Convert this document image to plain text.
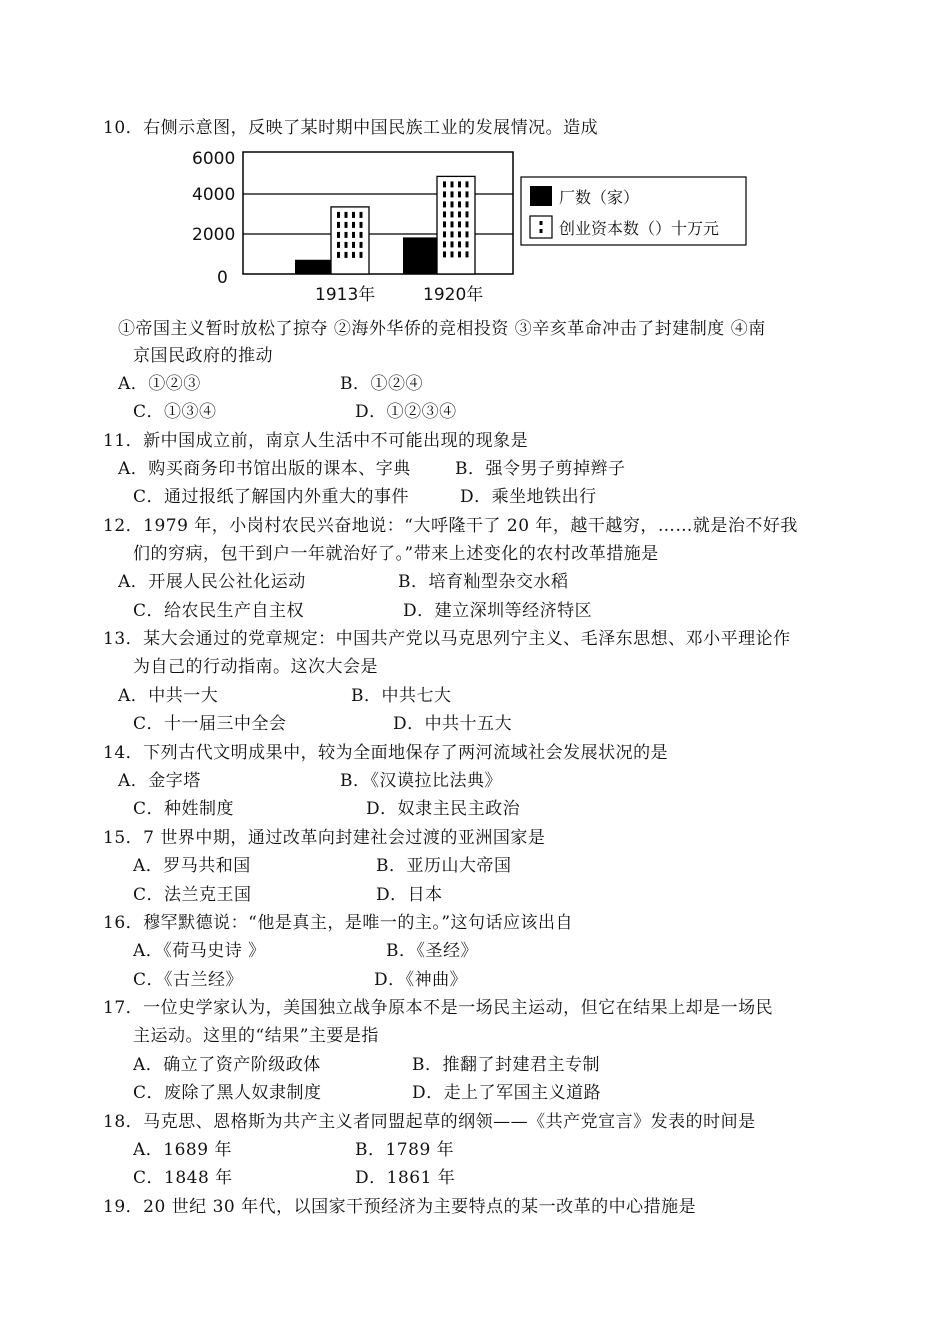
10．右侧示意图，反映了某时期中国民族工业的发展情况。造成
6000
4000
2000
0
1913年	1920年
厂数（家）
创业资本数（）十万元
①帝国主义暂时放松了掠夺 ②海外华侨的竞相投资 ③辛亥革命冲击了封建制度 ④南
京国民政府的推动
A．①②③	B．①②④
C．①③④	D．①②③④
11．新中国成立前，南京人生活中不可能出现的现象是
A．购买商务印书馆出版的课本、字典	B．强令男子剪掉辫子
C．通过报纸了解国内外重大的事件	D．乘坐地铁出行
12．1979 年，小岗村农民兴奋地说：“大呼隆干了 20 年，越干越穷，……就是治不好我
们的穷病，包干到户一年就治好了。”带来上述变化的农村改革措施是
A．开展人民公社化运动	B．培育籼型杂交水稻
C．给农民生产自主权	D．建立深圳等经济特区
13．某大会通过的党章规定：中国共产党以马克思列宁主义、毛泽东思想、邓小平理论作
为自己的行动指南。这次大会是
A．中共一大	B．中共七大
C．十一届三中全会	D．中共十五大
14．下列古代文明成果中，较为全面地保存了两河流域社会发展状况的是
A．金字塔	B．《汉谟拉比法典》
C．种姓制度	D．奴隶主民主政治
15．7 世界中期，通过改革向封建社会过渡的亚洲国家是
A．罗马共和国	B．亚历山大帝国
C．法兰克王国	D．日本
16．穆罕默德说：“他是真主，是唯一的主。”这句话应该出自
A．《荷马史诗 》	B．《圣经》
C．《古兰经》	D．《神曲》
17．一位史学家认为，美国独立战争原本不是一场民主运动，但它在结果上却是一场民
主运动。这里的“结果”主要是指
A．确立了资产阶级政体	B．推翻了封建君主专制
C．废除了黑人奴隶制度	D．走上了军国主义道路
18．马克思、恩格斯为共产主义者同盟起草的纲领——《共产党宣言》发表的时间是
A．1689 年	B．1789 年
C．1848 年	D．1861 年
19．20 世纪 30 年代，以国家干预经济为主要特点的某一改革的中心措施是
